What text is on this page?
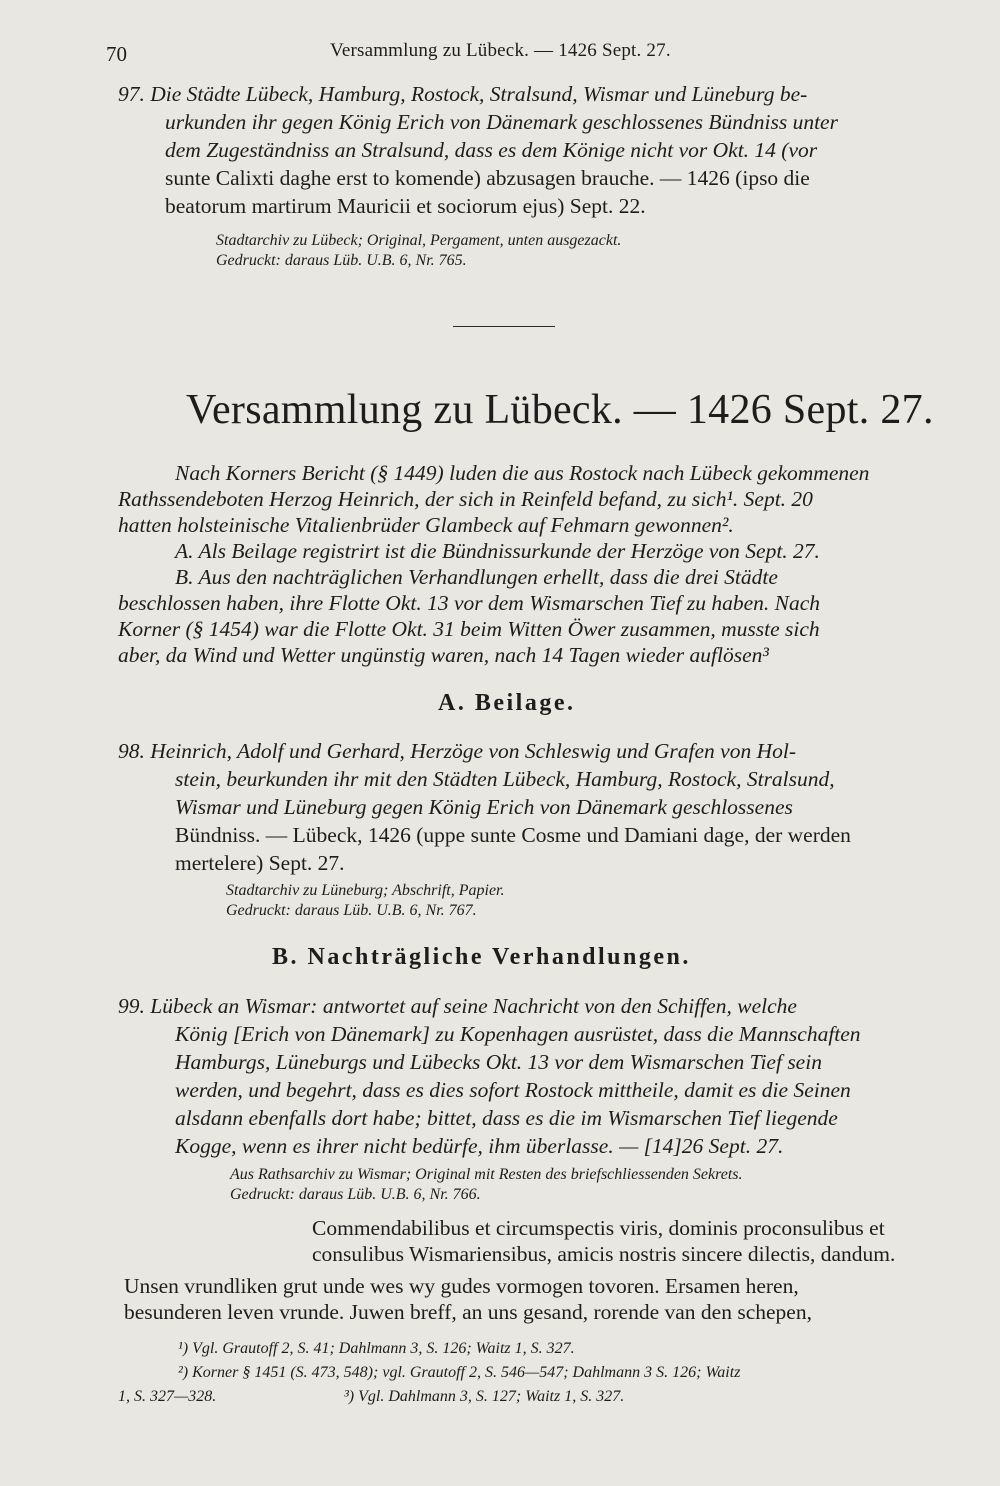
70	Versammlung zu Lübeck. — 1426 Sept. 27.
97. Die Städte Lübeck, Hamburg, Rostock, Stralsund, Wismar und Lüneburg be-
urkunden ihr gegen König Erich von Dänemark geschlossenes Bündniss unter
dem Zugeständniss an Stralsund, dass es dem Könige nicht vor Okt. 14 (vor
sunte Calixti daghe erst to komende) abzusagen brauche. — 1426 (ipso die
beatorum martirum Mauricii et sociorum ejus) Sept. 22.
Stadtarchiv zu Lübeck; Original, Pergament, unten ausgezackt.
Gedruckt: daraus Lüb. U.B. 6, Nr. 765.
Versammlung zu Lübeck. — 1426 Sept. 27.
Nach Korners Bericht (§ 1449) luden die aus Rostock nach Lübeck gekommenen
Rathssendeboten Herzog Heinrich, der sich in Reinfeld befand, zu sich¹. Sept. 20
hatten holsteinische Vitalienbrüder Glambeck auf Fehmarn gewonnen².
A. Als Beilage registrirt ist die Bündnissurkunde der Herzöge von Sept. 27.
B. Aus den nachträglichen Verhandlungen erhellt, dass die drei Städte
beschlossen haben, ihre Flotte Okt. 13 vor dem Wismarschen Tief zu haben. Nach
Korner (§ 1454) war die Flotte Okt. 31 beim Witten Öwer zusammen, musste sich
aber, da Wind und Wetter ungünstig waren, nach 14 Tagen wieder auflösen³
A. Beilage.
98. Heinrich, Adolf und Gerhard, Herzöge von Schleswig und Grafen von Hol-
stein, beurkunden ihr mit den Städten Lübeck, Hamburg, Rostock, Stralsund,
Wismar und Lüneburg gegen König Erich von Dänemark geschlossenes
Bündniss. — Lübeck, 1426 (uppe sunte Cosme und Damiani dage, der werden
mertelere) Sept. 27.
Stadtarchiv zu Lüneburg; Abschrift, Papier.
Gedruckt: daraus Lüb. U.B. 6, Nr. 767.
B. Nachträgliche Verhandlungen.
99. Lübeck an Wismar: antwortet auf seine Nachricht von den Schiffen, welche
König [Erich von Dänemark] zu Kopenhagen ausrüstet, dass die Mannschaften
Hamburgs, Lüneburgs und Lübecks Okt. 13 vor dem Wismarschen Tief sein
werden, und begehrt, dass es dies sofort Rostock mittheile, damit es die Seinen
alsdann ebenfalls dort habe; bittet, dass es die im Wismarschen Tief liegende
Kogge, wenn es ihrer nicht bedürfe, ihm überlasse. — [14]26 Sept. 27.
Aus Rathsarchiv zu Wismar; Original mit Resten des briefschliessenden Sekrets.
Gedruckt: daraus Lüb. U.B. 6, Nr. 766.
Commendabilibus et circumspectis viris, dominis proconsulibus et
consulibus Wismariensibus, amicis nostris sincere dilectis, dandum.
Unsen vrundliken grut unde wes wy gudes vormogen tovoren. Ersamen heren,
besunderen leven vrunde. Juwen breff, an uns gesand, rorende van den schepen,
¹) Vgl. Grautoff 2, S. 41; Dahlmann 3, S. 126; Waitz 1, S. 327.
²) Korner § 1451 (S. 473, 548); vgl. Grautoff 2, S. 546—547; Dahlmann 3 S. 126; Waitz
1, S. 327—328.	³) Vgl. Dahlmann 3, S. 127; Waitz 1, S. 327.
